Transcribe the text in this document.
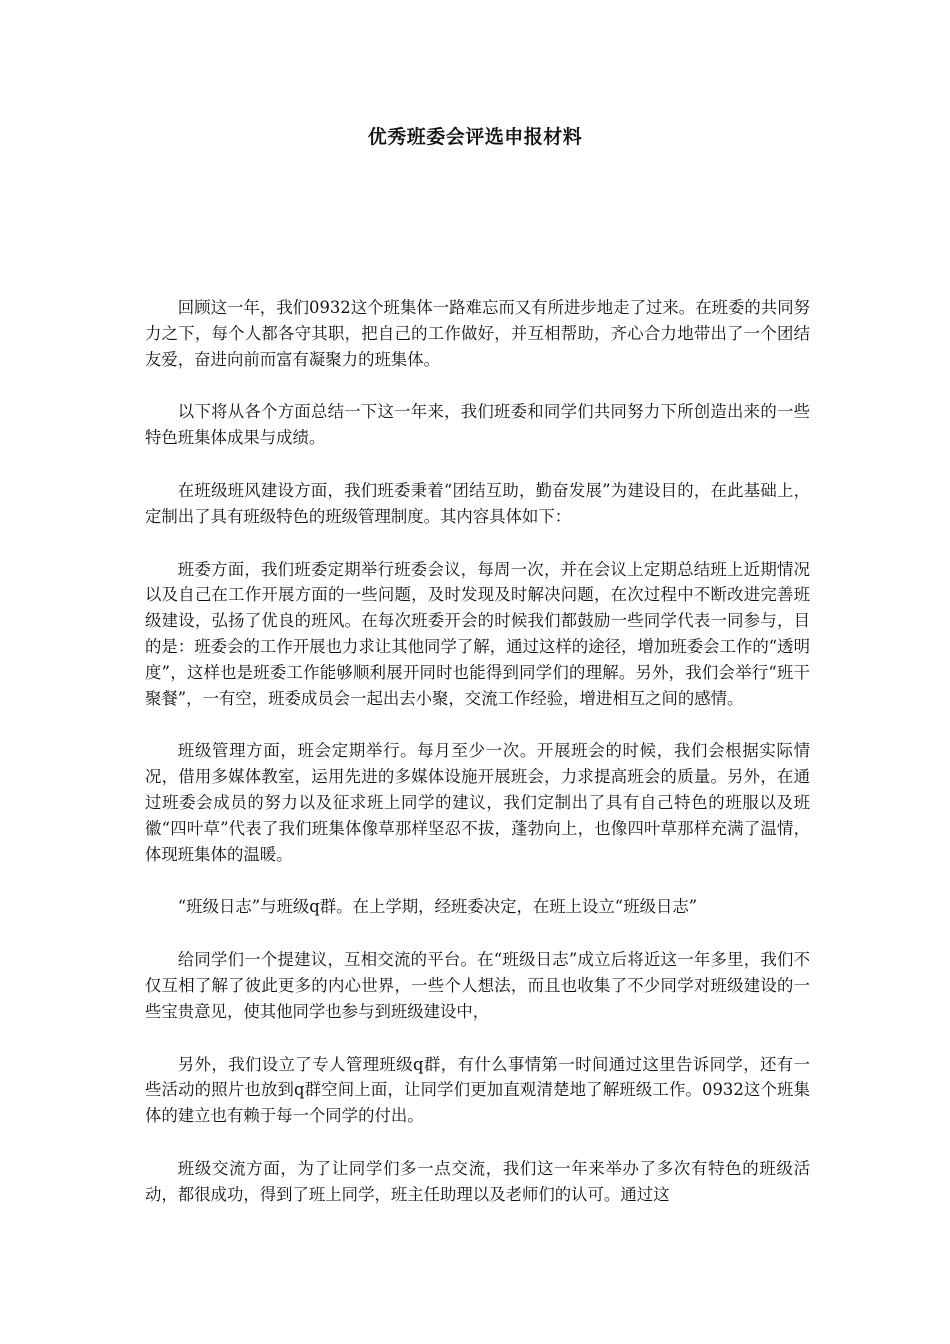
优秀班委会评选申报材料

回顾这一年，我们0932这个班集体一路难忘而又有所进步地走了过来。在班委的共同努力之下，每个人都各守其职，把自己的工作做好，并互相帮助，齐心合力地带出了一个团结友爱，奋进向前而富有凝聚力的班集体。

以下将从各个方面总结一下这一年来，我们班委和同学们共同努力下所创造出来的一些特色班集体成果与成绩。

在班级班风建设方面，我们班委秉着“团结互助，勤奋发展”为建设目的，在此基础上，定制出了具有班级特色的班级管理制度。其内容具体如下：

班委方面，我们班委定期举行班委会议，每周一次，并在会议上定期总结班上近期情况以及自己在工作开展方面的一些问题，及时发现及时解决问题，在次过程中不断改进完善班级建设，弘扬了优良的班风。在每次班委开会的时候我们都鼓励一些同学代表一同参与，目的是：班委会的工作开展也力求让其他同学了解，通过这样的途径，增加班委会工作的“透明度”，这样也是班委工作能够顺利展开同时也能得到同学们的理解。另外，我们会举行“班干聚餐”，一有空，班委成员会一起出去小聚，交流工作经验，增进相互之间的感情。

班级管理方面，班会定期举行。每月至少一次。开展班会的时候，我们会根据实际情况，借用多媒体教室，运用先进的多媒体设施开展班会，力求提高班会的质量。另外，在通过班委会成员的努力以及征求班上同学的建议，我们定制出了具有自己特色的班服以及班徽“四叶草”代表了我们班集体像草那样坚忍不拔，蓬勃向上，也像四叶草那样充满了温情，体现班集体的温暖。

“班级日志”与班级q群。在上学期，经班委决定，在班上设立“班级日志”

给同学们一个提建议，互相交流的平台。在“班级日志”成立后将近这一年多里，我们不仅互相了解了彼此更多的内心世界，一些个人想法，而且也收集了不少同学对班级建设的一些宝贵意见，使其他同学也参与到班级建设中，

另外，我们设立了专人管理班级q群，有什么事情第一时间通过这里告诉同学，还有一些活动的照片也放到q群空间上面，让同学们更加直观清楚地了解班级工作。0932这个班集体的建立也有赖于每一个同学的付出。

班级交流方面，为了让同学们多一点交流，我们这一年来举办了多次有特色的班级活动，都很成功，得到了班上同学，班主任助理以及老师们的认可。通过这
